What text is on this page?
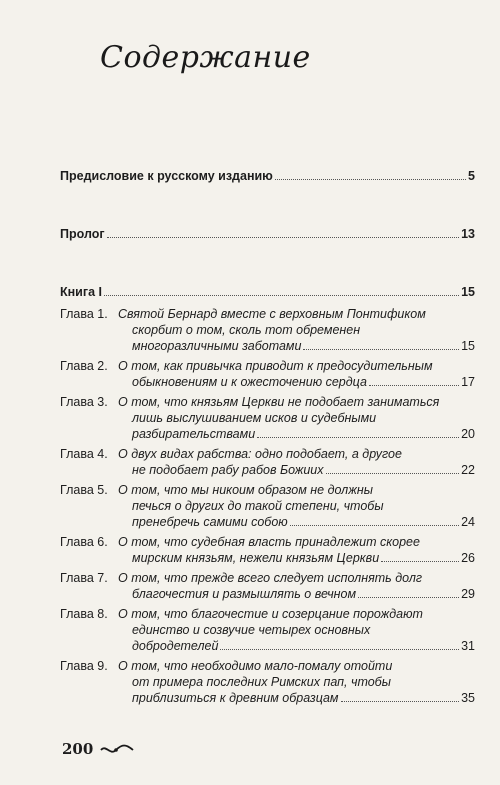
Содержание
Предисловие к русскому изданию	5
Пролог	13
Книга I	15
Глава 1. Святой Бернард вместе с верховным Понтификом
скорбит о том, сколь тот обременен
многоразличными заботами	15
Глава 2. О том, как привычка приводит к предосудительным
обыкновениям и к ожесточению сердца	17
Глава 3. О том, что князьям Церкви не подобает заниматься
лишь выслушиванием исков и судебными
разбирательствами	20
Глава 4. О двух видах рабства: одно подобает, а другое
не подобает рабу рабов Божиих	22
Глава 5. О том, что мы никоим образом не должны
печься о других до такой степени, чтобы
пренебречь самими собою	24
Глава 6. О том, что судебная власть принадлежит скорее
мирским князьям, нежели князьям Церкви	26
Глава 7. О том, что прежде всего следует исполнять долг
благочестия и размышлять о вечном	29
Глава 8. О том, что благочестие и созерцание порождают
единство и созвучие четырех основных
добродетелей	31
Глава 9. О том, что необходимо мало-помалу отойти
от примера последних Римских пап, чтобы
приблизиться к древним образцам	35
200
